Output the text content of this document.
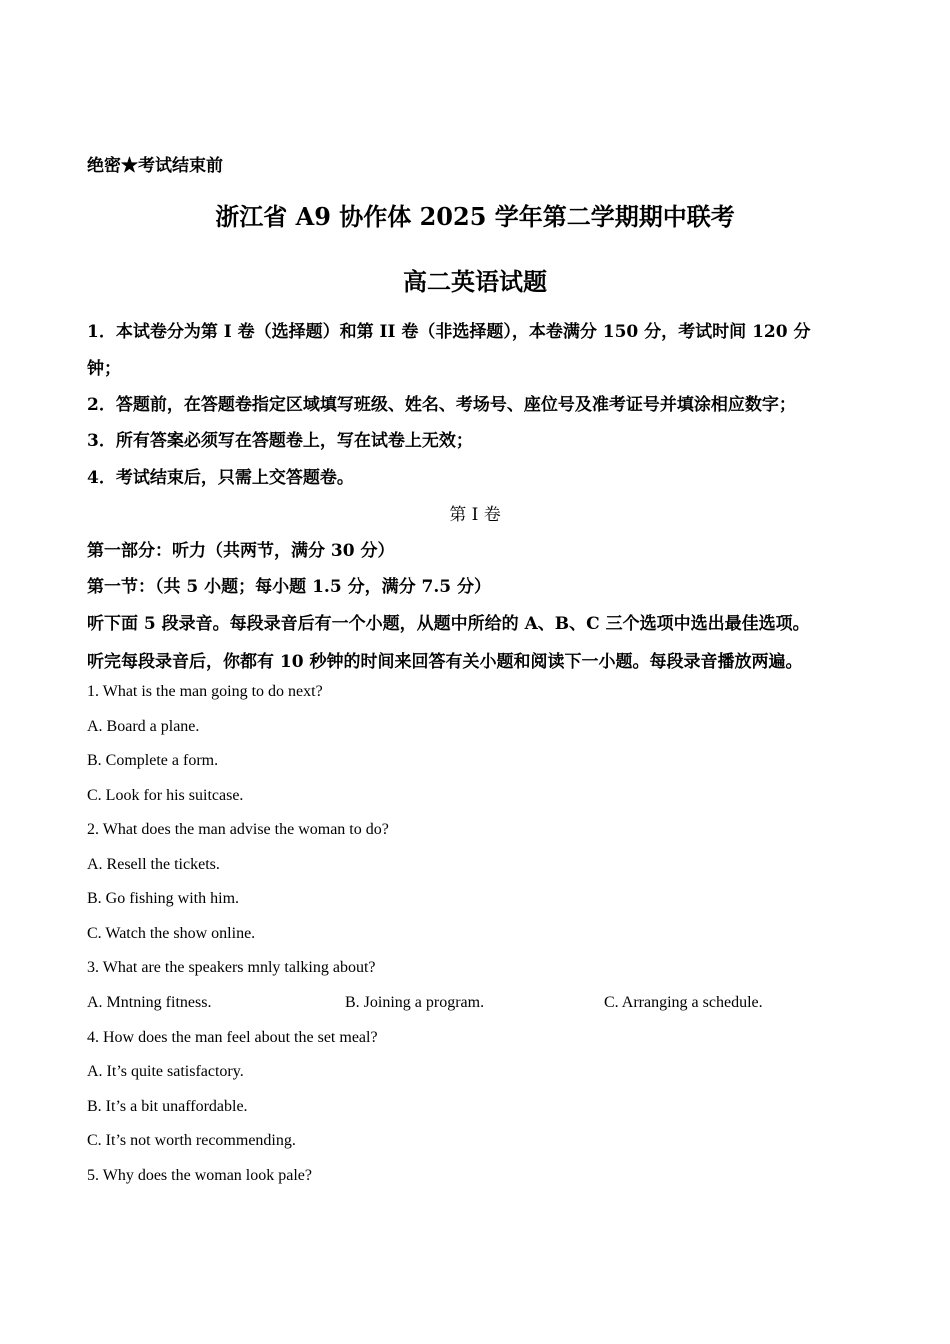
绝密★考试结束前
浙江省 A9 协作体 2025 学年第二学期期中联考
高二英语试题
1．本试卷分为第 I 卷（选择题）和第 II 卷（非选择题），本卷满分 150 分，考试时间 120 分
钟；
2．答题前，在答题卷指定区域填写班级、姓名、考场号、座位号及准考证号并填涂相应数字；
3．所有答案必须写在答题卷上，写在试卷上无效；
4．考试结束后，只需上交答题卷。
第 I 卷
第一部分：听力（共两节，满分 30 分）
第一节：（共 5 小题；每小题 1.5 分，满分 7.5 分）
听下面 5 段录音。每段录音后有一个小题，从题中所给的 A、B、C 三个选项中选出最佳选项。
听完每段录音后，你都有 10 秒钟的时间来回答有关小题和阅读下一小题。每段录音播放两遍。
1. What is the man going to do next?
A. Board a plane.
B. Complete a form.
C. Look for his suitcase.
2. What does the man advise the woman to do?
A. Resell the tickets.
B. Go fishing with him.
C. Watch the show online.
3. What are the speakers mnly talking about?
A. Mntning fitness.	B. Joining a program.	C. Arranging a schedule.
4. How does the man feel about the set meal?
A. It’s quite satisfactory.
B. It’s a bit unaffordable.
C. It’s not worth recommending.
5. Why does the woman look pale?
